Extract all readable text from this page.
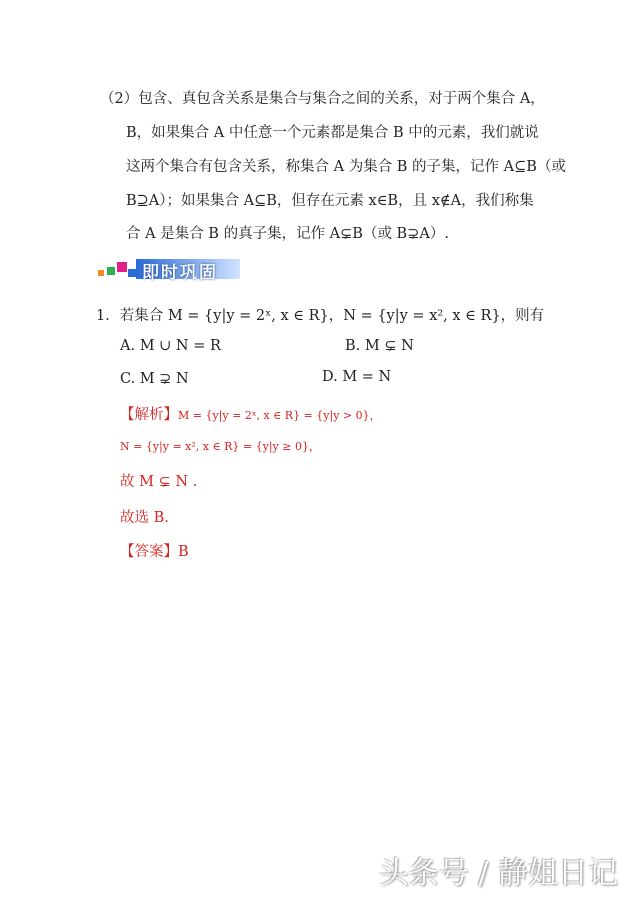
（2）包含、真包含关系是集合与集合之间的关系，对于两个集合 A，
B，如果集合 A 中任意一个元素都是集合 B 中的元素，我们就说
这两个集合有包含关系，称集合 A 为集合 B 的子集，记作 A⊆B（或
B⊇A）；如果集合 A⊆B，但存在元素 x∈B，且 x∉A，我们称集
合 A 是集合 B 的真子集，记作 A⊊B（或 B⊋A）.
即时巩固
1．若集合 M = {y|y = 2ˣ, x ∈ R}，N = {y|y = x², x ∈ R}，则有
A. M ∪ N = R	B. M ⊊ N
C. M ⊋ N	D. M = N
【解析】M = {y|y = 2ˣ, x ∈ R} = {y|y > 0}，
N = {y|y = x², x ∈ R} = {y|y ≥ 0}，
故 M ⊊ N .
故选 B.
【答案】B
头条号 / 静姐日记
